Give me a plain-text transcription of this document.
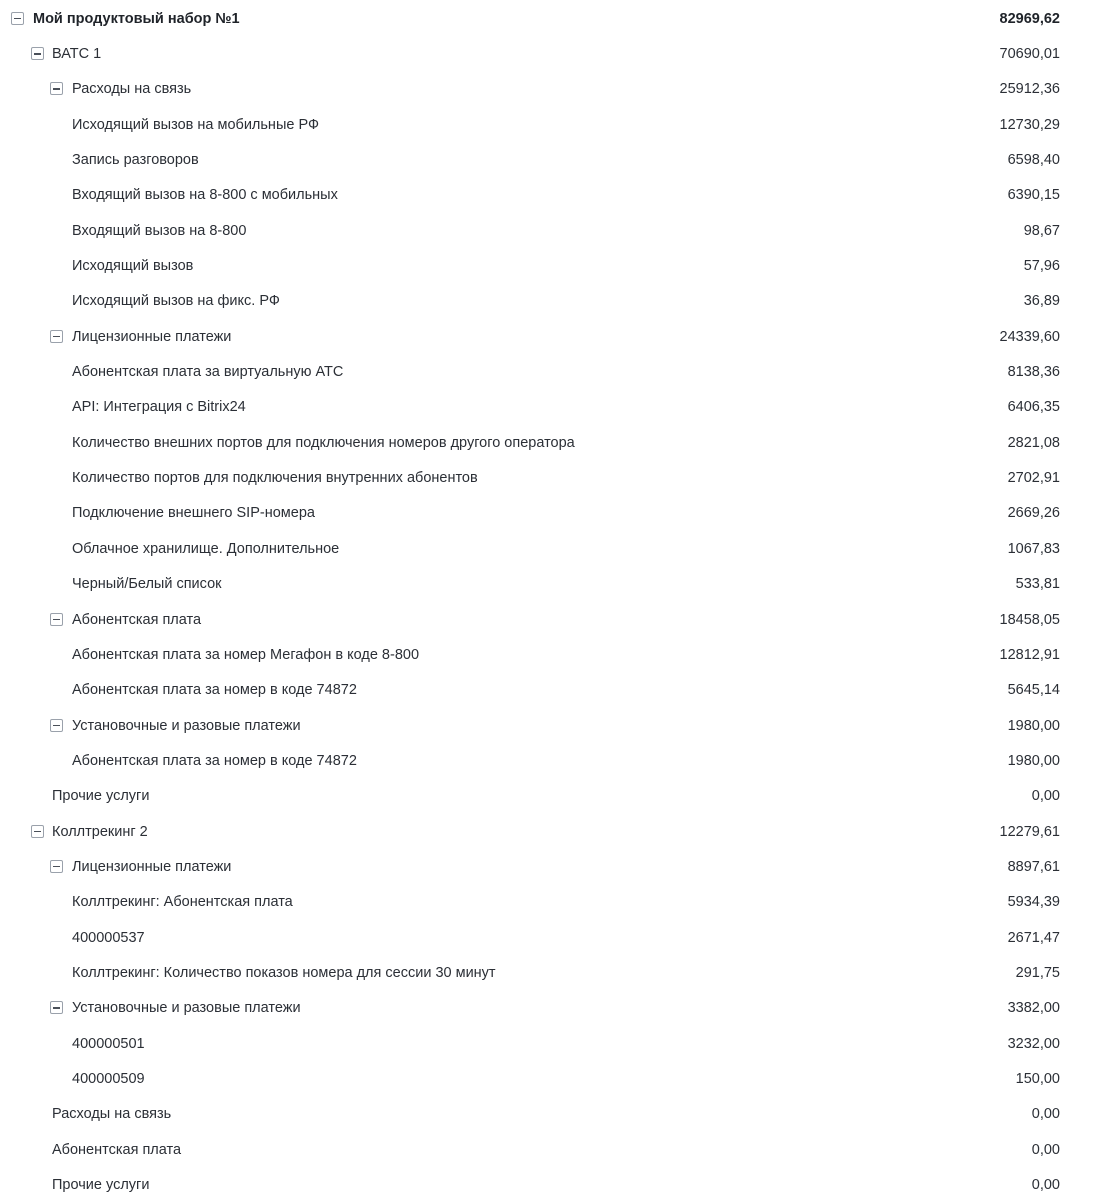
Мой продуктовый набор №1	82969,62
ВАТС 1	70690,01
Расходы на связь	25912,36
Исходящий вызов на мобильные РФ	12730,29
Запись разговоров	6598,40
Входящий вызов на 8-800 с мобильных	6390,15
Входящий вызов на 8-800	98,67
Исходящий вызов	57,96
Исходящий вызов на фикс. РФ	36,89
Лицензионные платежи	24339,60
Абонентская плата за виртуальную АТС	8138,36
API: Интеграция с Bitrix24	6406,35
Количество внешних портов для подключения номеров другого оператора	2821,08
Количество портов для подключения внутренних абонентов	2702,91
Подключение внешнего SIP-номера	2669,26
Облачное хранилище. Дополнительное	1067,83
Черный/Белый список	533,81
Абонентская плата	18458,05
Абонентская плата за номер Мегафон в коде 8-800	12812,91
Абонентская плата за номер в коде 74872	5645,14
Установочные и разовые платежи	1980,00
Абонентская плата за номер в коде 74872	1980,00
Прочие услуги	0,00
Коллтрекинг 2	12279,61
Лицензионные платежи	8897,61
Коллтрекинг: Абонентская плата	5934,39
400000537	2671,47
Коллтрекинг: Количество показов номера для сессии 30 минут	291,75
Установочные и разовые платежи	3382,00
400000501	3232,00
400000509	150,00
Расходы на связь	0,00
Абонентская плата	0,00
Прочие услуги	0,00
